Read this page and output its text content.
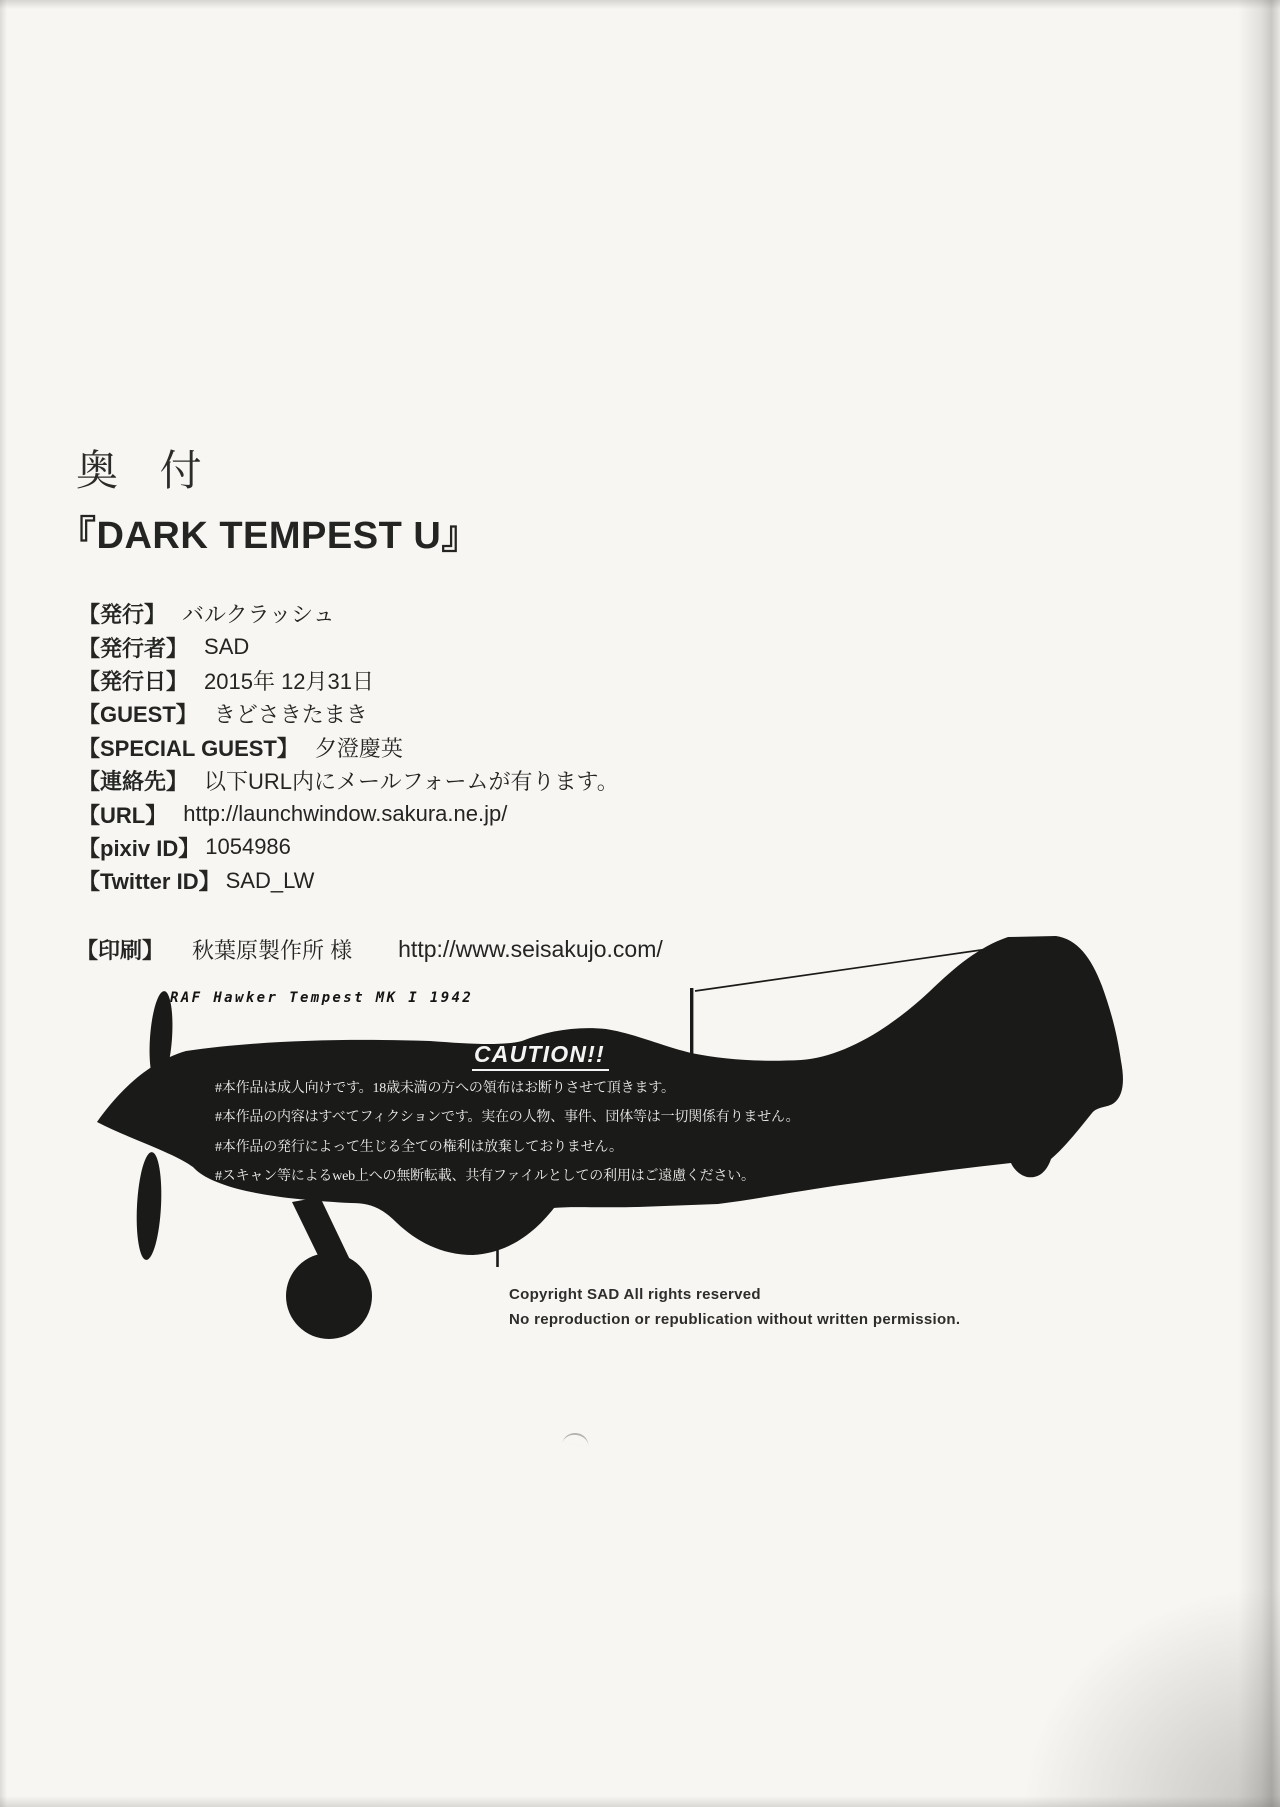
奥 付
『DARK TEMPEST U』
【発行】 バルクラッシュ
【発行者】 SAD
【発行日】 2015年 12月31日
【GUEST】 きどさきたまき
【SPECIAL GUEST】 夕澄慶英
【連絡先】 以下URL内にメールフォームが有ります。
【URL】 http://launchwindow.sakura.ne.jp/
【pixiv ID】 1054986
【Twitter ID】 SAD_LW
【印刷】 秋葉原製作所 様 http://www.seisakujo.com/
RAF Hawker Tempest MK I 1942
CAUTION!!
#本作品は成人向けです。18歳未満の方への領布はお断りさせて頂きます。
#本作品の内容はすべてフィクションです。実在の人物、事件、団体等は一切関係有りません。
#本作品の発行によって生じる全ての権利は放棄しておりません。
#スキャン等によるweb上への無断転載、共有ファイルとしての利用はご遠慮ください。
Copyright SAD All rights reserved
No reproduction or republication without written permission.
